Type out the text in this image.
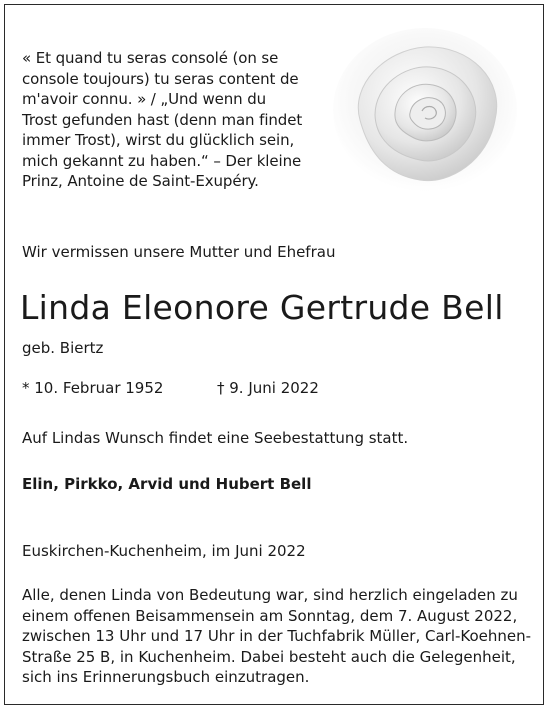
« Et quand tu seras consolé (on se
console toujours) tu seras content de
m'avoir connu. » / „Und wenn du
Trost gefunden hast (denn man findet
immer Trost), wirst du glücklich sein,
mich gekannt zu haben.“ – Der kleine
Prinz, Antoine de Saint-Exupéry.
Wir vermissen unsere Mutter und Ehefrau
Linda Eleonore Gertrude Bell
geb. Biertz
* 10. Februar 1952	† 9. Juni 2022
Auf Lindas Wunsch findet eine Seebestattung statt.
Elin, Pirkko, Arvid und Hubert Bell
Euskirchen-Kuchenheim, im Juni 2022
Alle, denen Linda von Bedeutung war, sind herzlich eingeladen zu
einem offenen Beisammensein am Sonntag, dem 7. August 2022,
zwischen 13 Uhr und 17 Uhr in der Tuchfabrik Müller, Carl-Koehnen-
Straße 25 B, in Kuchenheim. Dabei besteht auch die Gelegenheit,
sich ins Erinnerungsbuch einzutragen.
